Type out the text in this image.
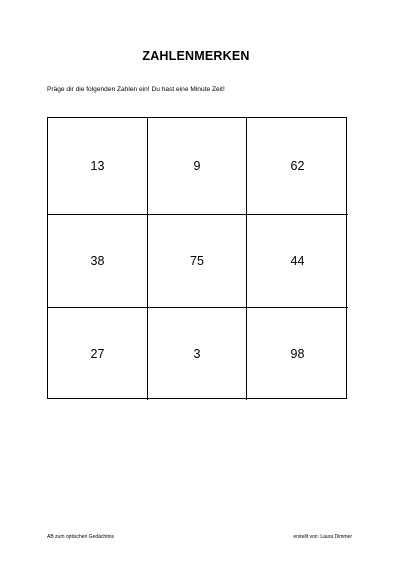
ZAHLENMERKEN
Präge dir die folgenden Zahlen ein! Du hast eine Minute Zeit!
13	9	62
38	75	44
27	3	98
AB zum optischen Gedächtnis	erstellt von: Laura Dimmer
